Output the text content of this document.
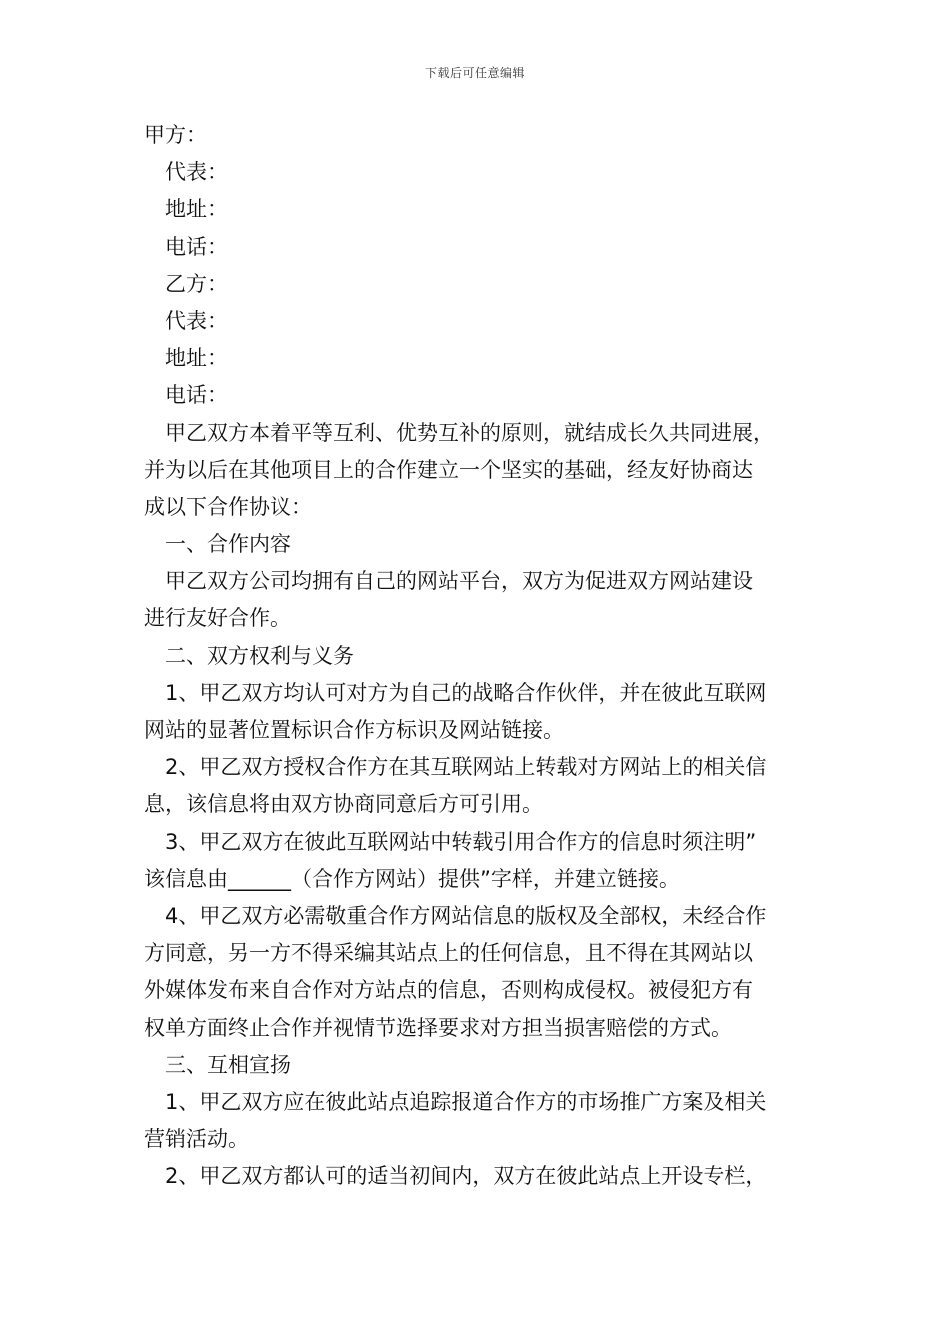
下载后可任意编辑
甲方：
代表：
地址：
电话：
乙方：
代表：
地址：
电话：
甲乙双方本着平等互利、优势互补的原则，就结成长久共同进展，
并为以后在其他项目上的合作建立一个坚实的基础，经友好协商达
成以下合作协议：
一、合作内容
甲乙双方公司均拥有自己的网站平台，双方为促进双方网站建设
进行友好合作。
二、双方权利与义务
1、甲乙双方均认可对方为自己的战略合作伙伴，并在彼此互联网
网站的显著位置标识合作方标识及网站链接。
2、甲乙双方授权合作方在其互联网站上转载对方网站上的相关信
息，该信息将由双方协商同意后方可引用。
3、甲乙双方在彼此互联网站中转载引用合作方的信息时须注明”
该信息由______（合作方网站）提供”字样，并建立链接。
4、甲乙双方必需敬重合作方网站信息的版权及全部权，未经合作
方同意，另一方不得采编其站点上的任何信息，且不得在其网站以
外媒体发布来自合作对方站点的信息，否则构成侵权。被侵犯方有
权单方面终止合作并视情节选择要求对方担当损害赔偿的方式。
三、互相宣扬
1、甲乙双方应在彼此站点追踪报道合作方的市场推广方案及相关
营销活动。
2、甲乙双方都认可的适当初间内，双方在彼此站点上开设专栏，
